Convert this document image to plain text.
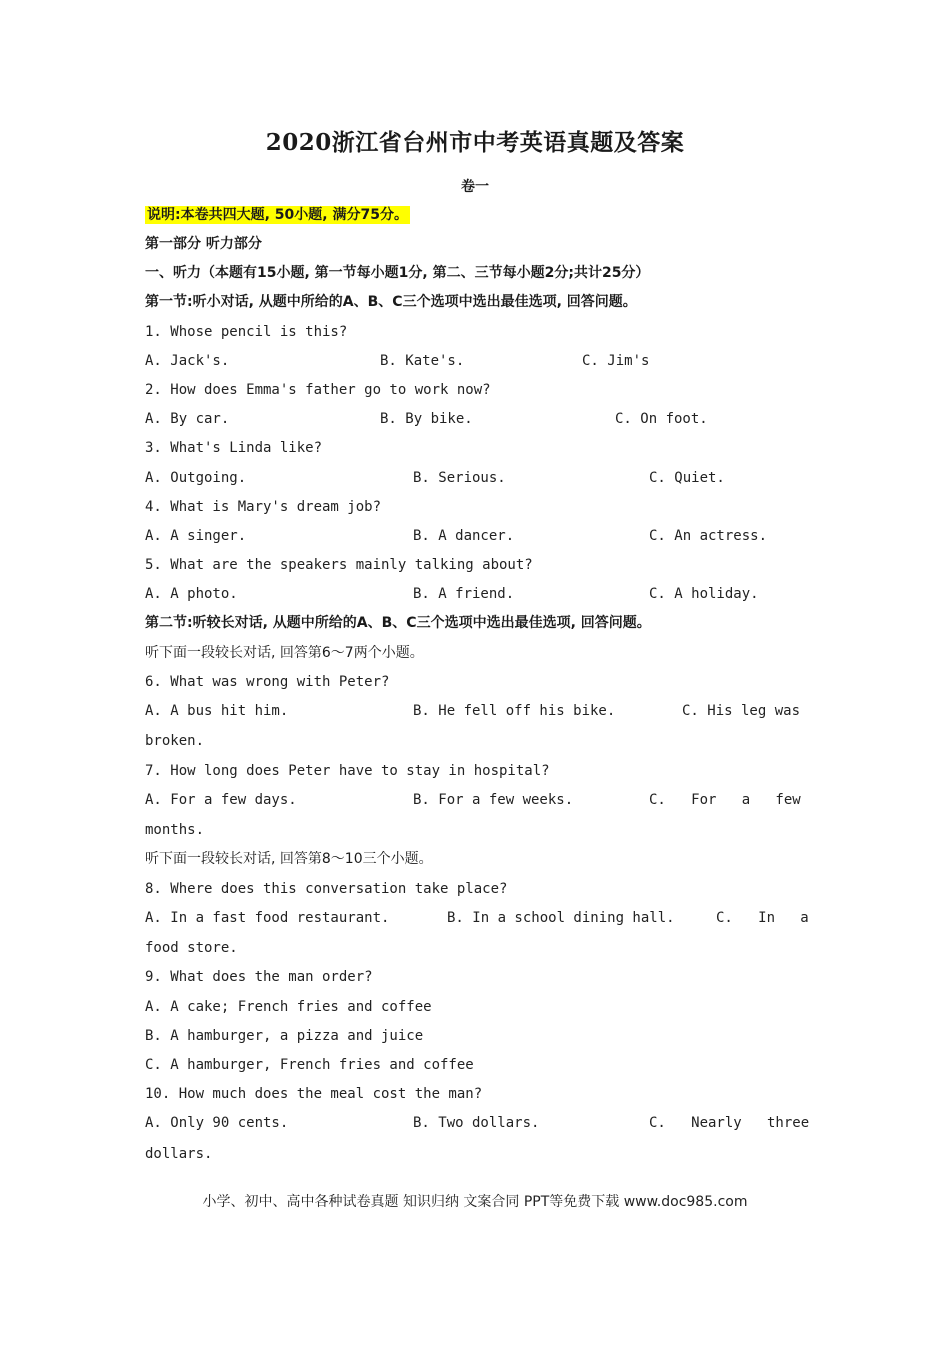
2020浙江省台州市中考英语真题及答案
卷一
说明:本卷共四大题, 50小题, 满分75分。
第一部分 听力部分
一、听力（本题有15小题, 第一节每小题1分, 第二、三节每小题2分;共计25分）
第一节:听小对话, 从题中所给的A、B、C三个选项中选出最佳选项, 回答问题。
1. Whose pencil is this?

A. Jack's.

	B. Kate's.

	C. Jim's

2. How does Emma's father go to work now?

A. By car.

	B. By bike.

	C. On foot.

3. What's Linda like?

A. Outgoing.

	B. Serious.

	C. Quiet.

4. What is Mary's dream job?

A. A singer.

	B. A dancer.

	C. An actress.

5. What are the speakers mainly talking about?

A. A photo.

	B. A friend.

	C. A holiday.

第二节:听较长对话, 从题中所给的A、B、C三个选项中选出最佳选项, 回答问题。
听下面一段较长对话, 回答第6～7两个小题。
6. What was wrong with Peter?

A. A bus hit him.

	B. He fell off his bike.

	C. His leg was

broken.
7. How long does Peter have to stay in hospital?

A. For a few days.

	B. For a few weeks.

	C.   For   a   few

months.
听下面一段较长对话, 回答第8～10三个小题。
8. Where does this conversation take place?

A. In a fast food restaurant.

	B. In a school dining hall.

	C.   In   a

food store.
9. What does the man order?
A. A cake; French fries and coffee
B. A hamburger, a pizza and juice
C. A hamburger, French fries and coffee
10. How much does the meal cost the man?

A. Only 90 cents.

	B. Two dollars.

	C.   Nearly   three

dollars.
小学、初中、高中各种试卷真题 知识归纳 文案合同 PPT等免费下载 www.doc985.com
